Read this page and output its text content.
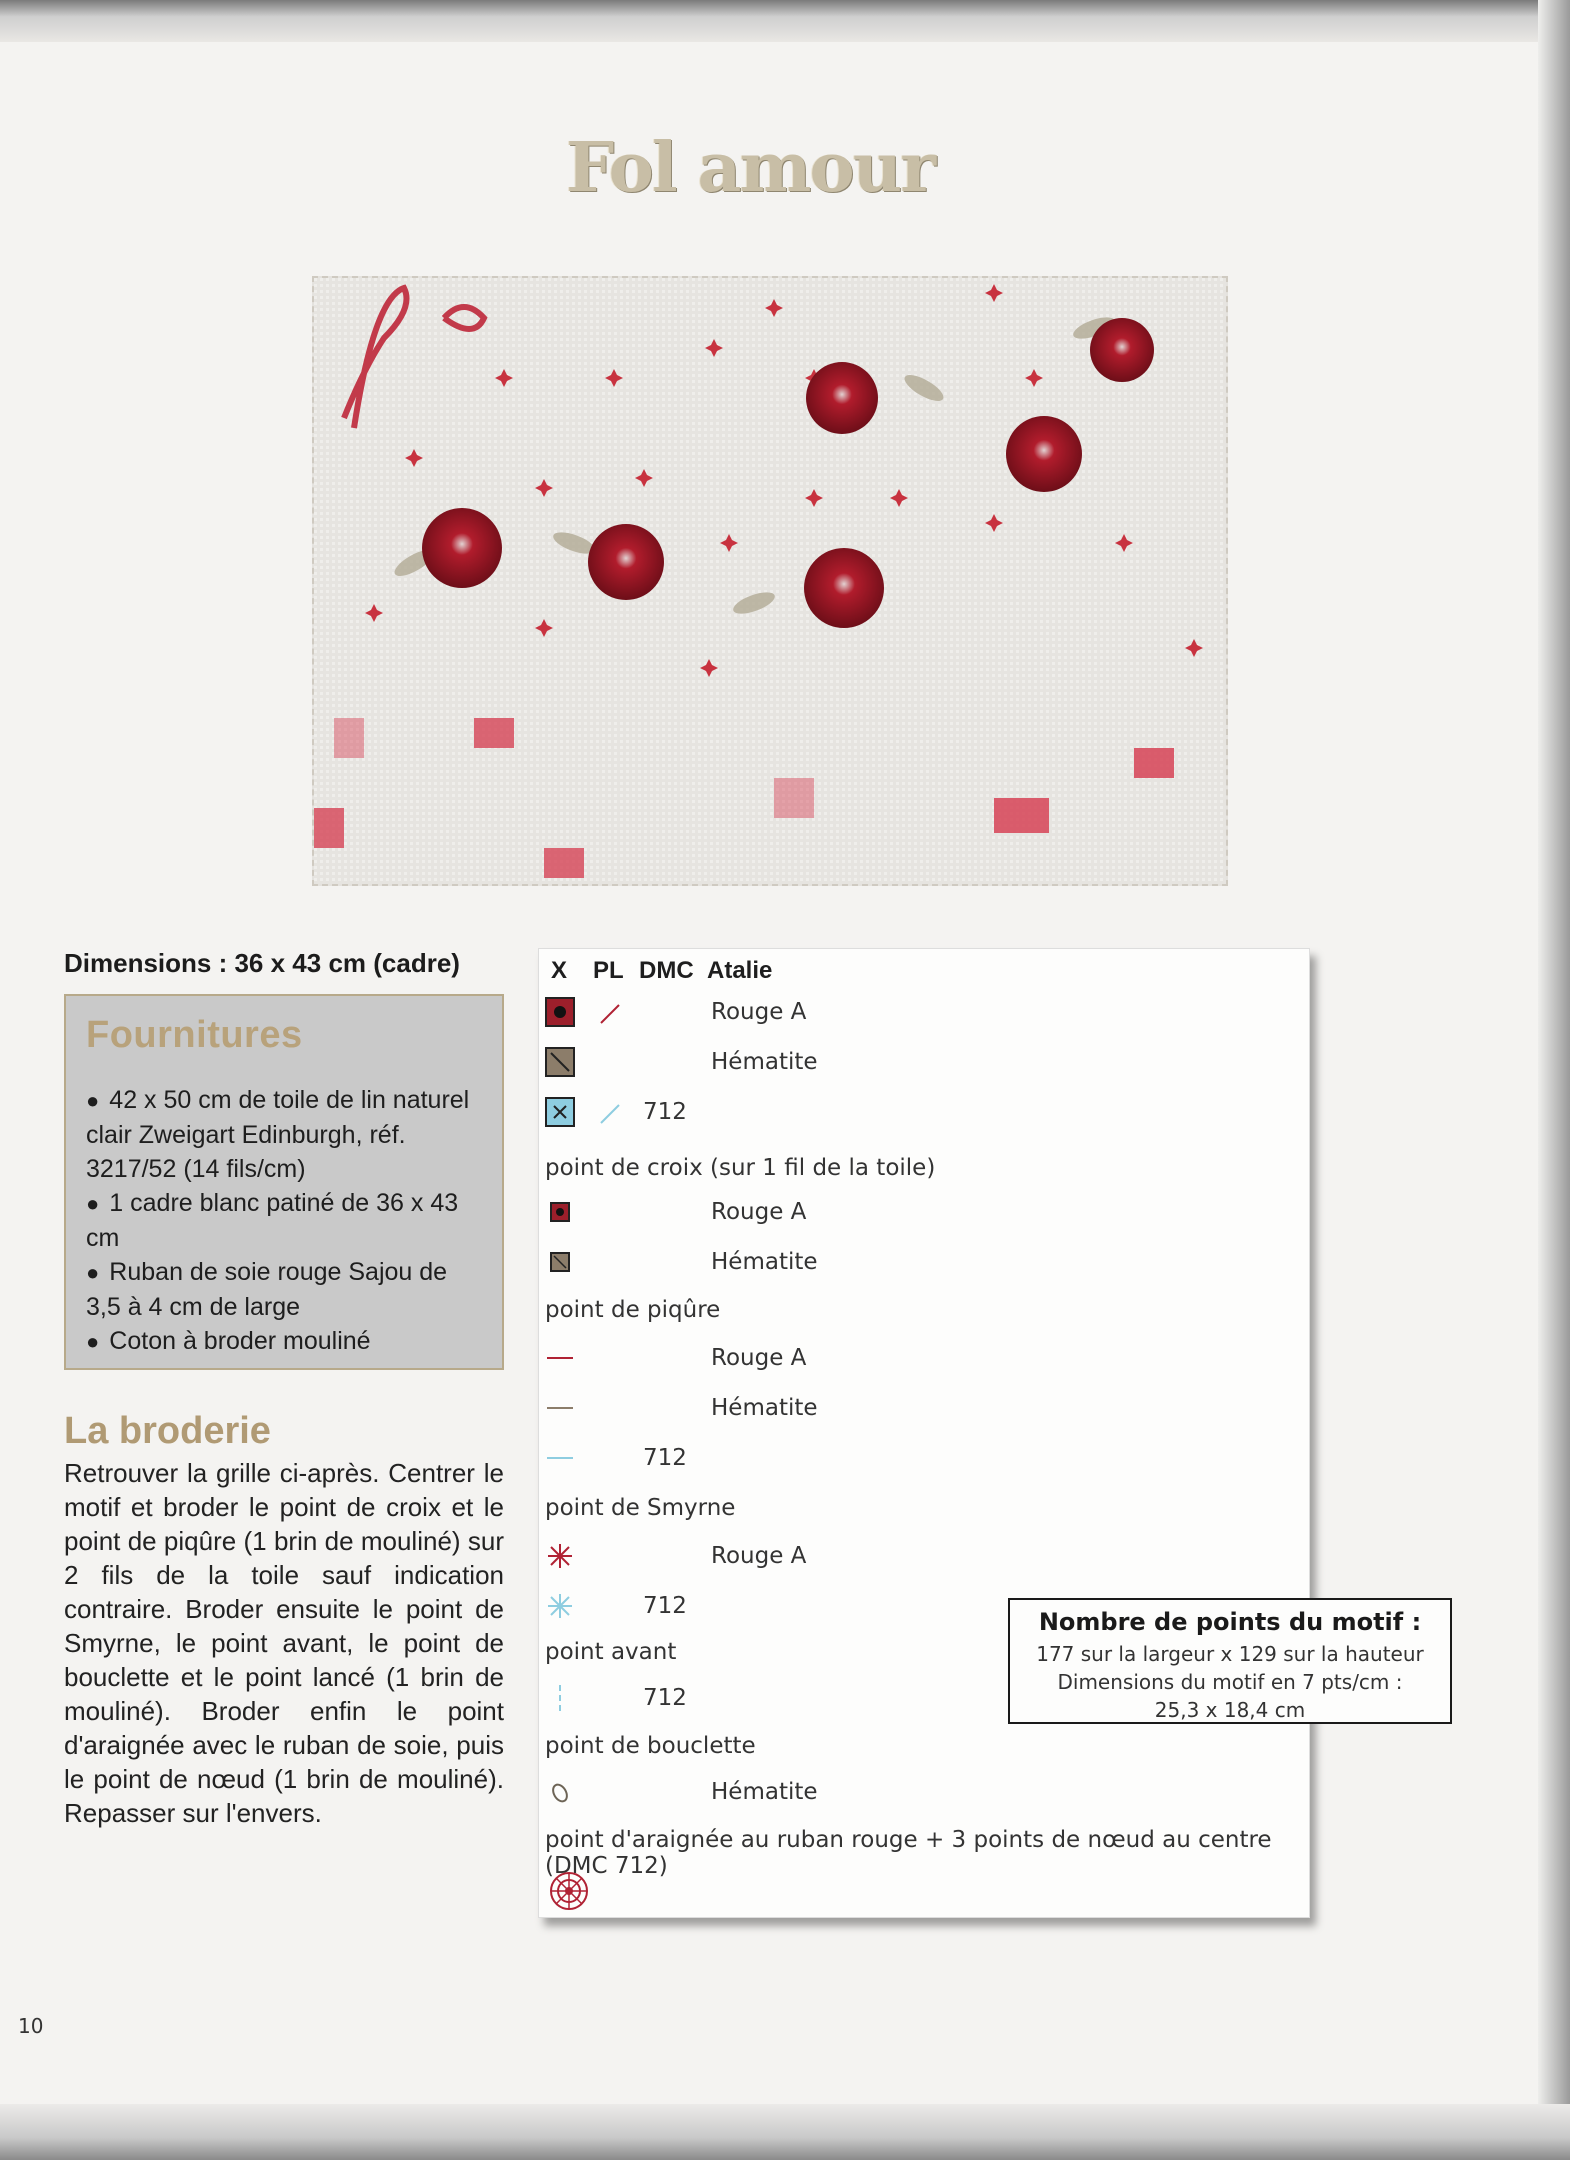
Fol amour
Dimensions : 36 x 43 cm (cadre)
Fournitures
● 42 x 50 cm de toile de lin naturel clair Zweigart Edinburgh, réf. 3217/52 (14 fils/cm)
● 1 cadre blanc patiné de 36 x 43 cm
● Ruban de soie rouge Sajou de 3,5 à 4 cm de large
● Coton à broder mouliné
La broderie
Retrouver la grille ci-après. Centrer le motif et broder le point de croix et le point de piqûre (1 brin de mouliné) sur 2 fils de la toile sauf indication contraire. Broder ensuite le point de Smyrne, le point avant, le point de bouclette et le point lancé (1 brin de mouliné). Broder enfin le point d'araignée avec le ruban de soie, puis le point de nœud (1 brin de mouliné). Repasser sur l'envers.
X PL DMC Atalie
Rouge A
Hématite
712
point de croix (sur 1 fil de la toile)
Rouge A
Hématite
point de piqûre
Rouge A
Hématite
712
point de Smyrne
Rouge A
712
point avant
712
point de bouclette
Hématite
point d'araignée au ruban rouge + 3 points de nœud au centre (DMC 712)
Nombre de points du motif :
177 sur la largeur x 129 sur la hauteur
Dimensions du motif en 7 pts/cm :
25,3 x 18,4 cm
10
